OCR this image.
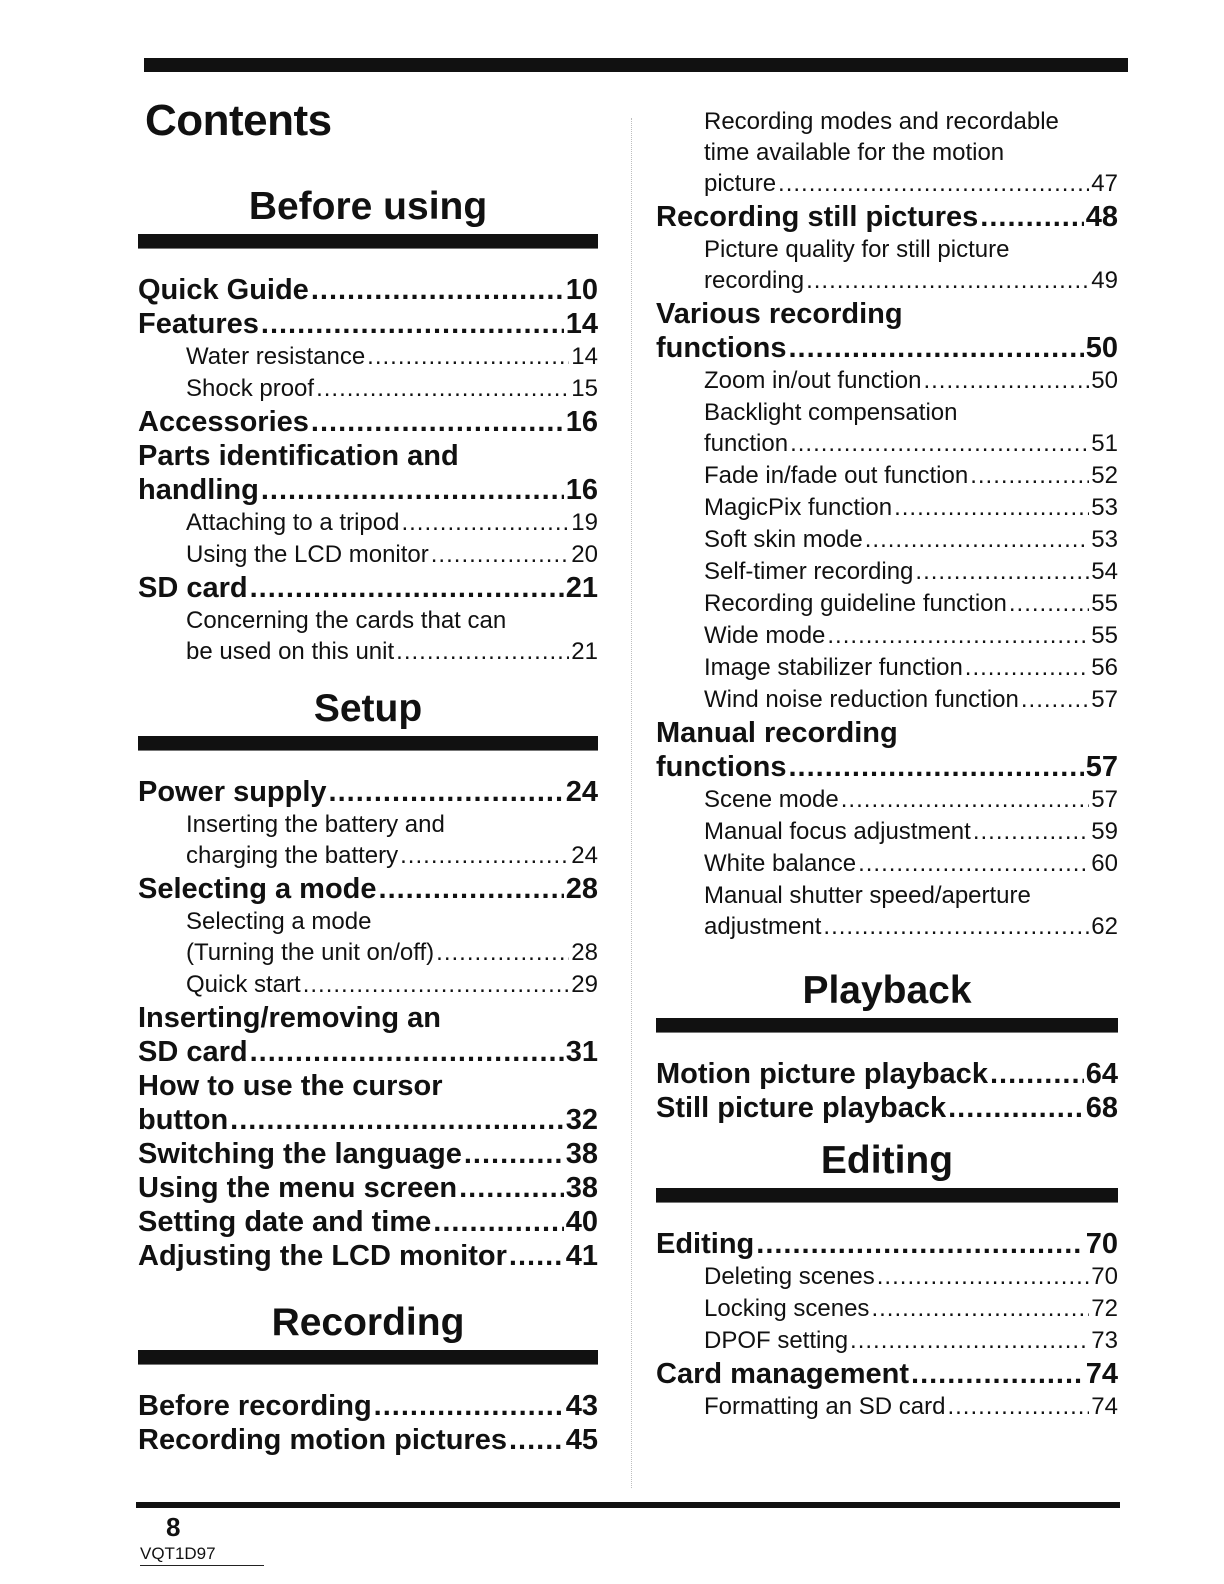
Contents
Before using
Quick Guide .....	10
Features .....	14
Water resistance .....	14
Shock proof .....	15
Accessories .....	16
Parts identification and
handling .....	16
Attaching to a tripod .....	19
Using the LCD monitor .....	20
SD card .....	21
Concerning the cards that can
be used on this unit .....	21
Setup
Power supply .....	24
Inserting the battery and
charging the battery .....	24
Selecting a mode .....	28
Selecting a mode
(Turning the unit on/off) .....	28
Quick start .....	29
Inserting/removing an
SD card .....	31
How to use the cursor
button .....	32
Switching the language .....	38
Using the menu screen .....	38
Setting date and time .....	40
Adjusting the LCD monitor ..... 41
Recording
Before recording .....	43
Recording motion pictures ..... 45
Recording modes and recordable
time available for the motion
picture .....	47
Recording still pictures .....	48
Picture quality for still picture
recording .....	49
Various recording
functions .....	50
Zoom in/out function .....	50
Backlight compensation
function .....	51
Fade in/fade out function .....	52
MagicPix function .....	53
Soft skin mode .....	53
Self-timer recording .....	54
Recording guideline function .....	55
Wide mode .....	55
Image stabilizer function .....	56
Wind noise reduction function .....	57
Manual recording
functions .....	57
Scene mode .....	57
Manual focus adjustment .....	59
White balance .....	60
Manual shutter speed/aperture
adjustment .....	62
Playback
Motion picture playback .....	64
Still picture playback .....	68
Editing
Editing .....	70
Deleting scenes .....	70
Locking scenes .....	72
DPOF setting .....	73
Card management .....	74
Formatting an SD card .....	74
8
VQT1D97
